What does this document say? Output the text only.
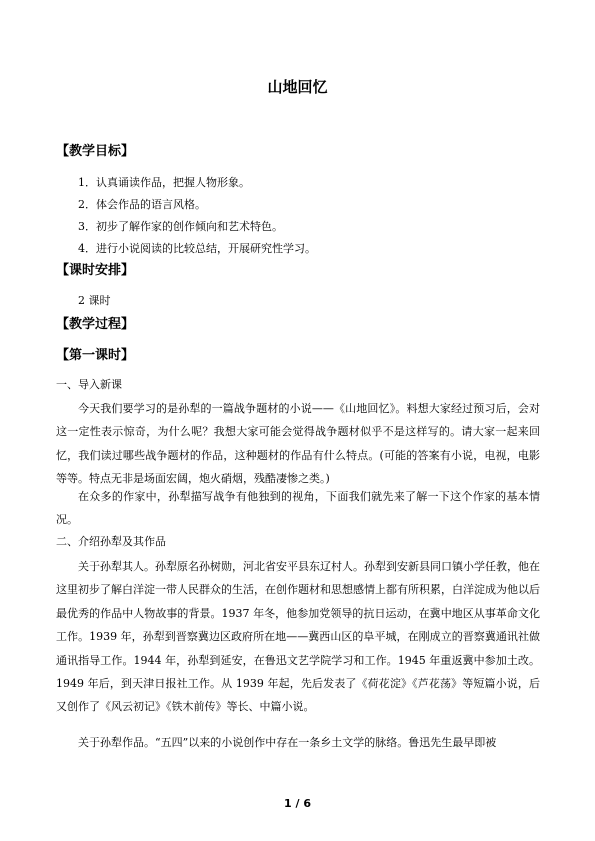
山地回忆
【教学目标】
1．认真诵读作品，把握人物形象。
2．体会作品的语言风格。
3．初步了解作家的创作倾向和艺术特色。
4．进行小说阅读的比较总结，开展研究性学习。
【课时安排】
2 课时
【教学过程】
【第一课时】
一、导入新课

今天我们要学习的是孙犁的一篇战争题材的小说——《山地回忆》。料想大家经过预习后，会对这一定性表示惊奇，为什么呢？我想大家可能会觉得战争题材似乎不是这样写的。请大家一起来回忆，我们读过哪些战争题材的作品，这种题材的作品有什么特点。(可能的答案有小说，电视，电影等等。特点无非是场面宏阔，炮火硝烟，残酷凄惨之类。)

在众多的作家中，孙犁描写战争有他独到的视角，下面我们就先来了解一下这个作家的基本情况。

二、介绍孙犁及其作品

关于孙犁其人。孙犁原名孙树勋，河北省安平县东辽村人。孙犁到安新县同口镇小学任教，他在这里初步了解白洋淀一带人民群众的生活，在创作题材和思想感情上都有所积累，白洋淀成为他以后最优秀的作品中人物故事的背景。1937 年冬，他参加党领导的抗日运动，在冀中地区从事革命文化工作。1939 年，孙犁到晋察冀边区政府所在地——冀西山区的阜平城，在刚成立的晋察冀通讯社做通讯指导工作。1944 年，孙犁到延安，在鲁迅文艺学院学习和工作。1945 年重返冀中参加土改。1949 年后，到天津日报社工作。从 1939 年起，先后发表了《荷花淀》《芦花荡》等短篇小说，后又创作了《风云初记》《铁木前传》等长、中篇小说。

关于孙犁作品。“五四”以来的小说创作中存在一条乡土文学的脉络。鲁迅先生最早即被

1 / 6
